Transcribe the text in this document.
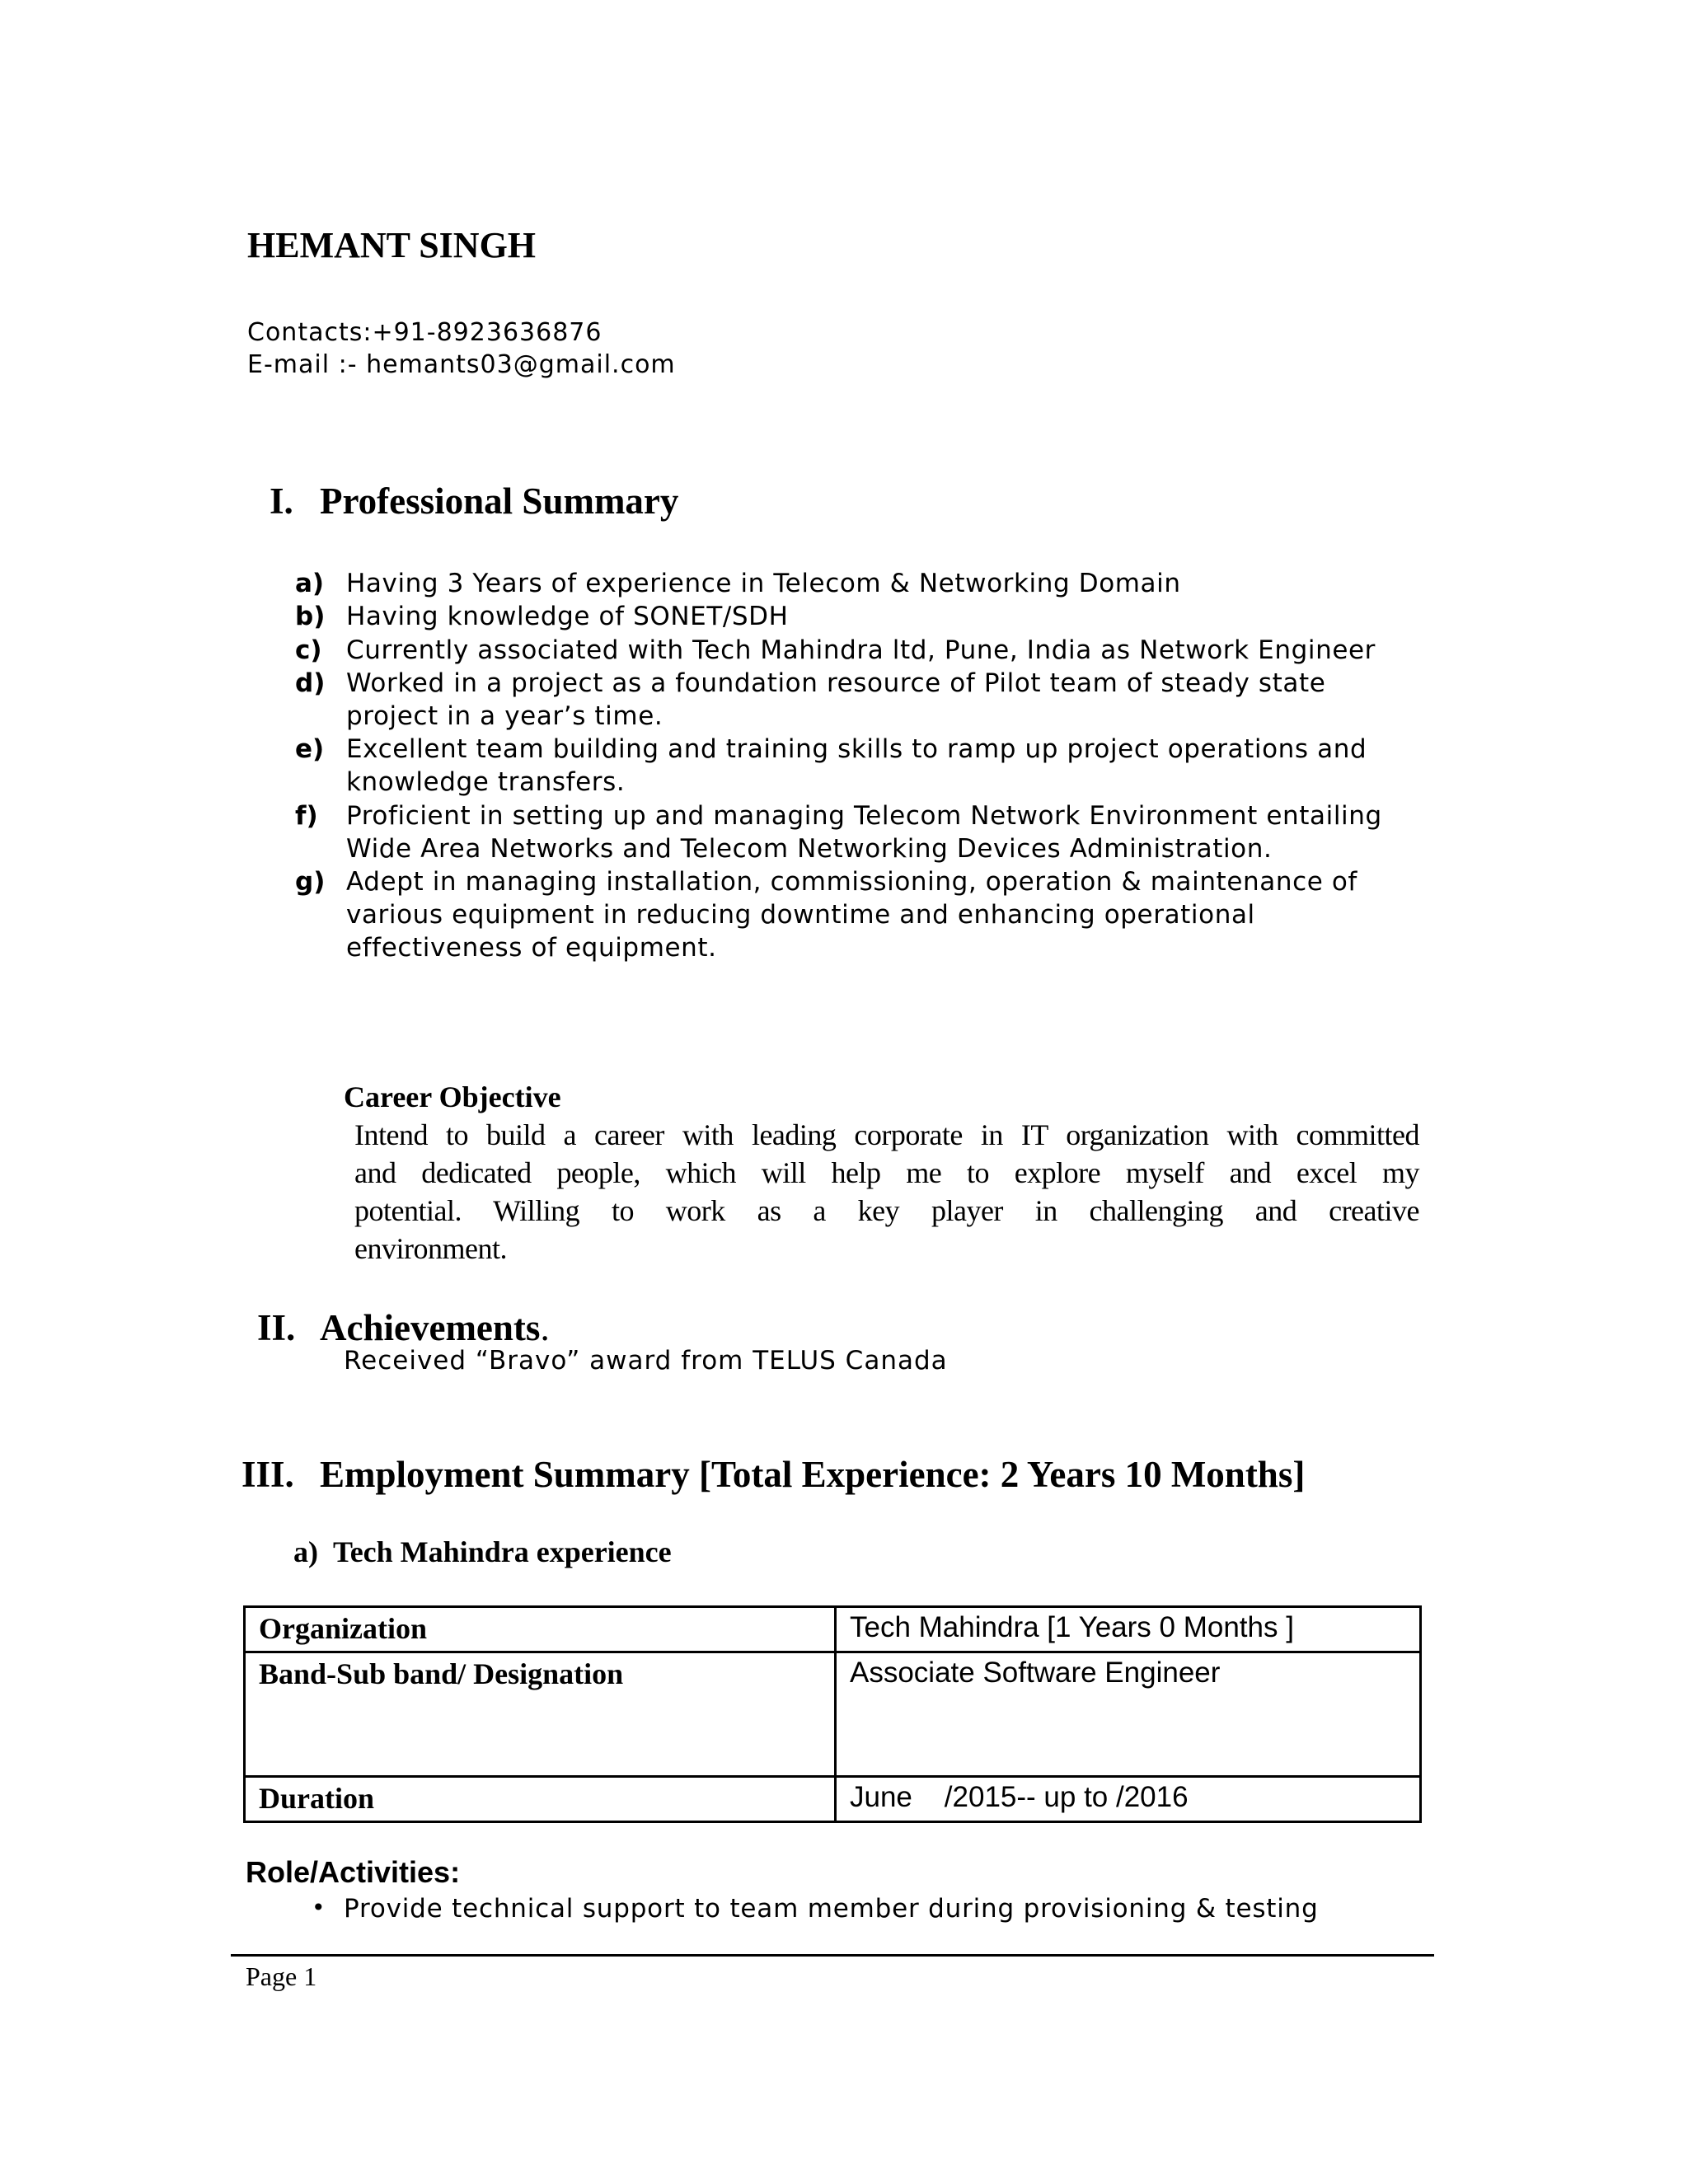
HEMANT SINGH
Contacts:+91-8923636876
E-mail :- hemants03@gmail.com
I. Professional Summary
a) Having 3 Years of experience in Telecom & Networking Domain
b) Having knowledge of SONET/SDH
c) Currently associated with Tech Mahindra ltd, Pune, India as Network Engineer
d) Worked in a project as a foundation resource of Pilot team of steady state
project in a year’s time.
e) Excellent team building and training skills to ramp up project operations and
knowledge transfers.
f) Proficient in setting up and managing Telecom Network Environment entailing
Wide Area Networks and Telecom Networking Devices Administration.
g) Adept in managing installation, commissioning, operation & maintenance of
various equipment in reducing downtime and enhancing operational
effectiveness of equipment.
Career Objective
Intend to build a career with leading corporate in IT organization with committed
and dedicated people, which will help me to explore myself and excel my
potential. Willing to work as a key player in challenging and creative
environment.
II. Achievements.
Received “Bravo” award from TELUS Canada
III. Employment Summary [Total Experience: 2 Years 10 Months]
a) Tech Mahindra experience
Organization	Tech Mahindra [1 Years 0 Months ]
Band-Sub band/ Designation	Associate Software Engineer
Duration	June    /2015-- up to /2016
Role/Activities:
• Provide technical support to team member during provisioning & testing
Page 1
